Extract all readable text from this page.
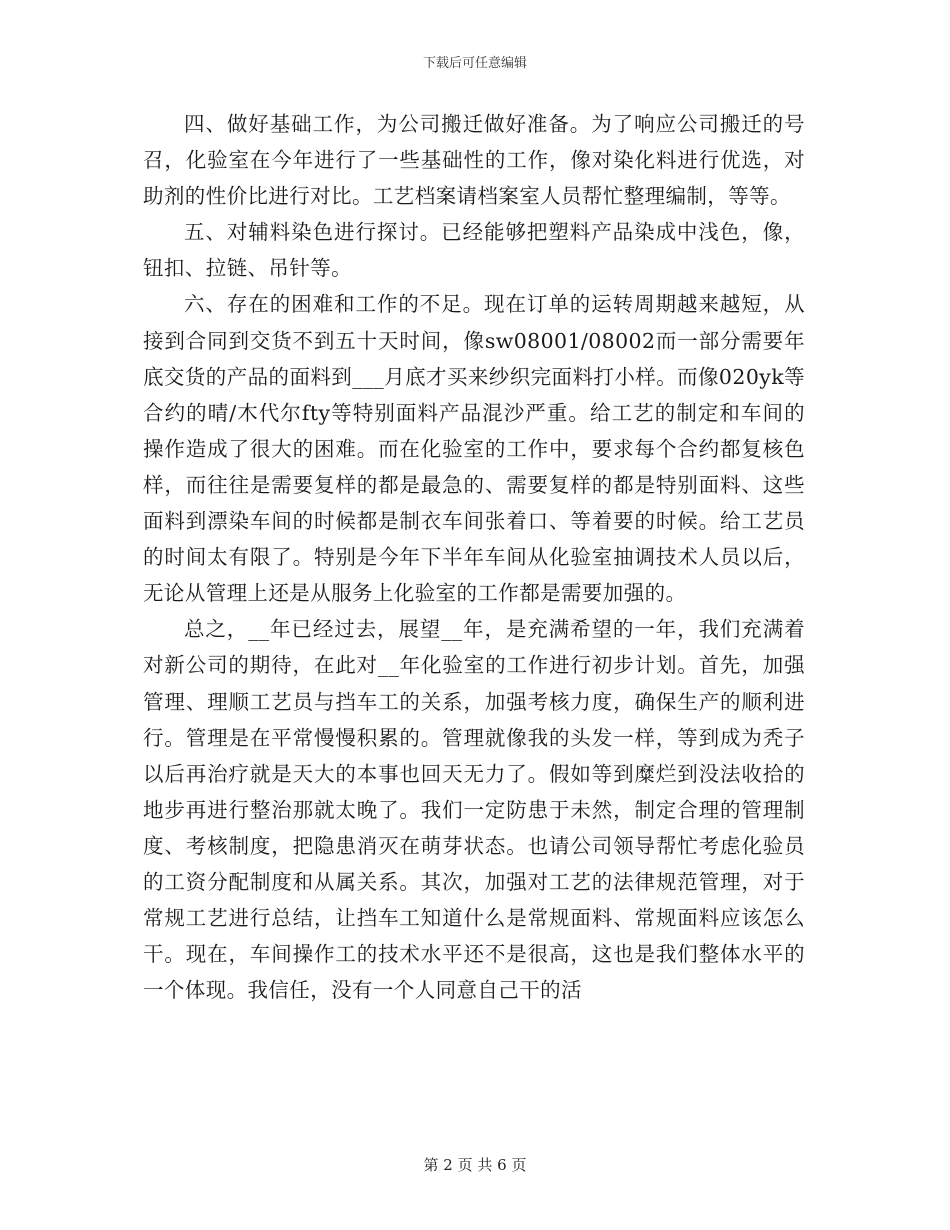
下载后可任意编辑

四、做好基础工作，为公司搬迁做好准备。为了响应公司搬迁的号召，化验室在今年进行了一些基础性的工作，像对染化料进行优选，对助剂的性价比进行对比。工艺档案请档案室人员帮忙整理编制，等等。

五、对辅料染色进行探讨。已经能够把塑料产品染成中浅色，像，钮扣、拉链、吊针等。

六、存在的困难和工作的不足。现在订单的运转周期越来越短，从接到合同到交货不到五十天时间，像sw08001/08002而一部分需要年底交货的产品的面料到___月底才买来纱织完面料打小样。而像020yk等合约的晴/木代尔fty等特别面料产品混沙严重。给工艺的制定和车间的操作造成了很大的困难。而在化验室的工作中，要求每个合约都复核色样，而往往是需要复样的都是最急的、需要复样的都是特别面料、这些面料到漂染车间的时候都是制衣车间张着口、等着要的时候。给工艺员的时间太有限了。特别是今年下半年车间从化验室抽调技术人员以后，无论从管理上还是从服务上化验室的工作都是需要加强的。

总之，__年已经过去，展望__年，是充满希望的一年，我们充满着对新公司的期待，在此对__年化验室的工作进行初步计划。首先，加强管理、理顺工艺员与挡车工的关系，加强考核力度，确保生产的顺利进行。管理是在平常慢慢积累的。管理就像我的头发一样，等到成为秃子以后再治疗就是天大的本事也回天无力了。假如等到糜烂到没法收拾的地步再进行整治那就太晚了。我们一定防患于未然，制定合理的管理制度、考核制度，把隐患消灭在萌芽状态。也请公司领导帮忙考虑化验员的工资分配制度和从属关系。其次，加强对工艺的法律规范管理，对于常规工艺进行总结，让挡车工知道什么是常规面料、常规面料应该怎么干。现在，车间操作工的技术水平还不是很高，这也是我们整体水平的一个体现。我信任，没有一个人同意自己干的活

第 2 页 共 6 页
